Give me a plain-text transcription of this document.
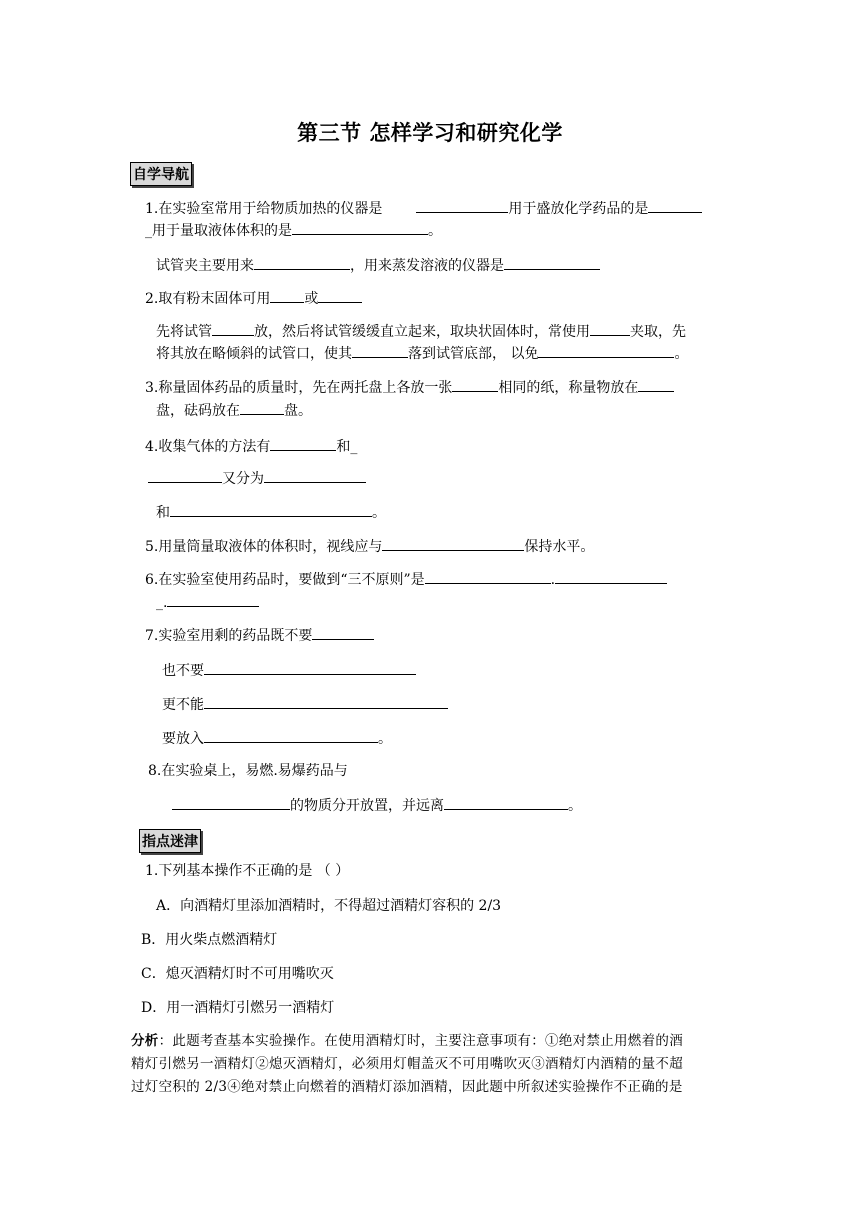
第三节 怎样学习和研究化学
自学导航
1.在实验室常用于给物质加热的仪器是	用于盛放化学药品的是
_用于量取液体体积的是	。
试管夹主要用来	，用来蒸发溶液的仪器是
2.取有粉末固体可用 或
先将试管	放，然后将试管缓缓直立起来，取块状固体时，常使用	夹取，先
将其放在略倾斜的试管口，使其	落到试管底部， 以免	。
3.称量固体药品的质量时，先在两托盘上各放一张	相同的纸，称量物放在
盘，砝码放在	盘。
4.收集气体的方法有	和_
又分为
和	。
5.用量筒量取液体的体积时，视线应与	保持水平。
6.在实验室使用药品时，要做到“三不原则”是	.
_.
7.实验室用剩的药品既不要
也不要
更不能
要放入	。
8.在实验桌上，易燃.易爆药品与
的物质分开放置，并远离	。
指点迷津
1.下列基本操作不正确的是 （ ）
A．向酒精灯里添加酒精时，不得超过酒精灯容积的 2/3
B．用火柴点燃酒精灯
C．熄灭酒精灯时不可用嘴吹灭
D．用一酒精灯引燃另一酒精灯
分析：此题考查基本实验操作。在使用酒精灯时，主要注意事项有：①绝对禁止用燃着的酒
精灯引燃另一酒精灯②熄灭酒精灯，必须用灯帽盖灭不可用嘴吹灭③酒精灯内酒精的量不超
过灯空积的 2/3④绝对禁止向燃着的酒精灯添加酒精，因此题中所叙述实验操作不正确的是
